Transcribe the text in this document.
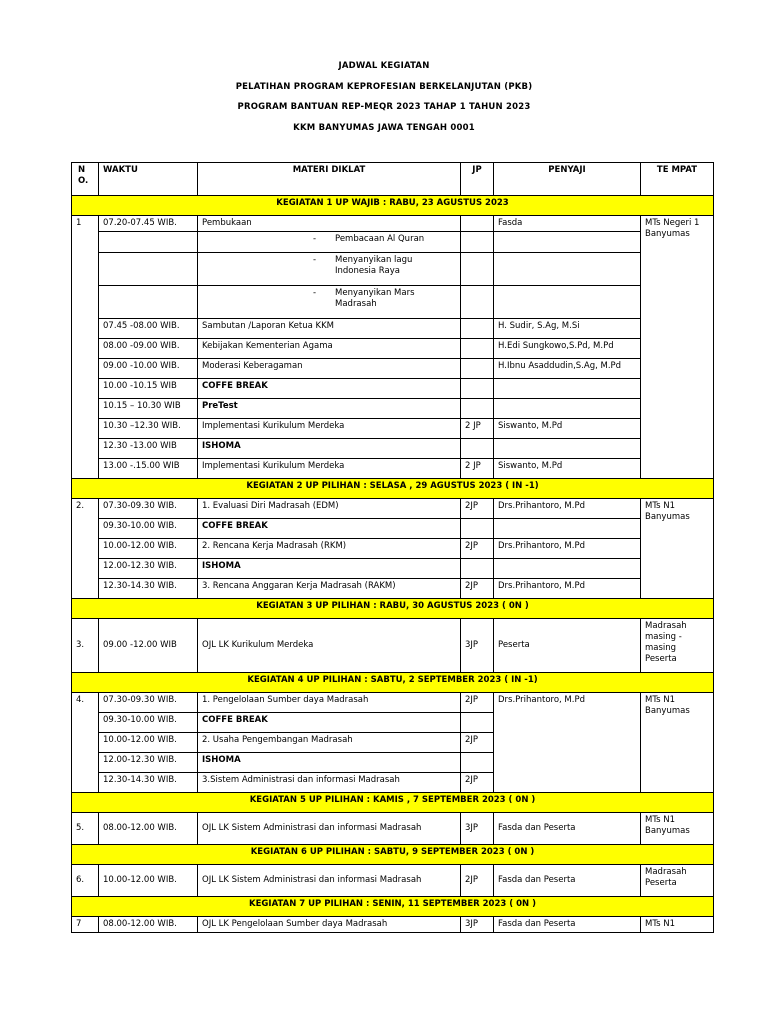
JADWAL KEGIATAN
PELATIHAN PROGRAM KEPROFESIAN BERKELANJUTAN (PKB)
PROGRAM BANTUAN REP-MEQR 2023 TAHAP 1 TAHUN 2023
KKM BANYUMAS JAWA TENGAH 0001
N
O.	WAKTU	MATERI DIKLAT	JP	PENYAJI	TE MPAT
KEGIATAN 1 UP WAJIB : RABU, 23 AGUSTUS 2023					
1	07.20-07.45 WIB.	Pembukaan		Fasda	MTs Negeri 1 Banyumas
		- Pembacaan Al Quran			
		- Menyanyikan lagu Indonesia Raya			
		- Menyanyikan Mars Madrasah			
	07.45 -08.00 WIB.	Sambutan /Laporan Ketua KKM		H. Sudir, S.Ag, M.Si	
	08.00 -09.00 WIB.	Kebijakan Kementerian Agama		H.Edi Sungkowo,S.Pd, M.Pd	
	09.00 -10.00 WIB.	Moderasi Keberagaman		H.Ibnu Asaddudin,S.Ag, M.Pd	
	10.00 -10.15 WIB	COFFE BREAK			
	10.15 – 10.30 WIB	PreTest			
	10.30 –12.30 WIB.	Implementasi Kurikulum Merdeka	2 JP	Siswanto, M.Pd	
	12.30 -13.00 WIB	ISHOMA			
	13.00 -.15.00 WIB	Implementasi Kurikulum Merdeka	2 JP	Siswanto, M.Pd	
KEGIATAN 2 UP PILIHAN : SELASA , 29 AGUSTUS 2023 ( IN -1)					
2.	07.30-09.30 WIB.	1. Evaluasi Diri Madrasah (EDM)	2JP	Drs.Prihantoro, M.Pd	MTs N1 Banyumas
	09.30-10.00 WIB.	COFFE BREAK			
	10.00-12.00 WIB.	2. Rencana Kerja Madrasah (RKM)	2JP	Drs.Prihantoro, M.Pd	
	12.00-12.30 WIB.	ISHOMA			
	12.30-14.30 WIB.	3. Rencana Anggaran Kerja Madrasah (RAKM)	2JP	Drs.Prihantoro, M.Pd	
KEGIATAN 3 UP PILIHAN : RABU, 30 AGUSTUS 2023 ( 0N )					
3.	09.00 -12.00 WIB	OJL LK Kurikulum Merdeka	3JP	Peserta	Madrasah masing - masing Peserta
KEGIATAN 4 UP PILIHAN : SABTU, 2 SEPTEMBER 2023 ( IN -1)					
4.	07.30-09.30 WIB.	1. Pengelolaan Sumber daya Madrasah	2JP	Drs.Prihantoro, M.Pd	MTs N1 Banyumas
	09.30-10.00 WIB.	COFFE BREAK			
	10.00-12.00 WIB.	2. Usaha Pengembangan Madrasah	2JP		
	12.00-12.30 WIB.	ISHOMA			
	12.30-14.30 WIB.	3.Sistem Administrasi dan informasi Madrasah	2JP		
KEGIATAN 5 UP PILIHAN : KAMIS , 7 SEPTEMBER 2023 ( 0N )					
5.	08.00-12.00 WIB.	OJL LK Sistem Administrasi dan informasi Madrasah	3JP	Fasda dan Peserta	MTs N1 Banyumas
KEGIATAN 6 UP PILIHAN : SABTU, 9 SEPTEMBER 2023 ( 0N )					
6.	10.00-12.00 WIB.	OJL LK Sistem Administrasi dan informasi Madrasah	2JP	Fasda dan Peserta	Madrasah Peserta
KEGIATAN 7 UP PILIHAN : SENIN, 11 SEPTEMBER 2023 ( 0N )					
7	08.00-12.00 WIB.	OJL LK Pengelolaan Sumber daya Madrasah	3JP	Fasda dan Peserta	MTs N1
